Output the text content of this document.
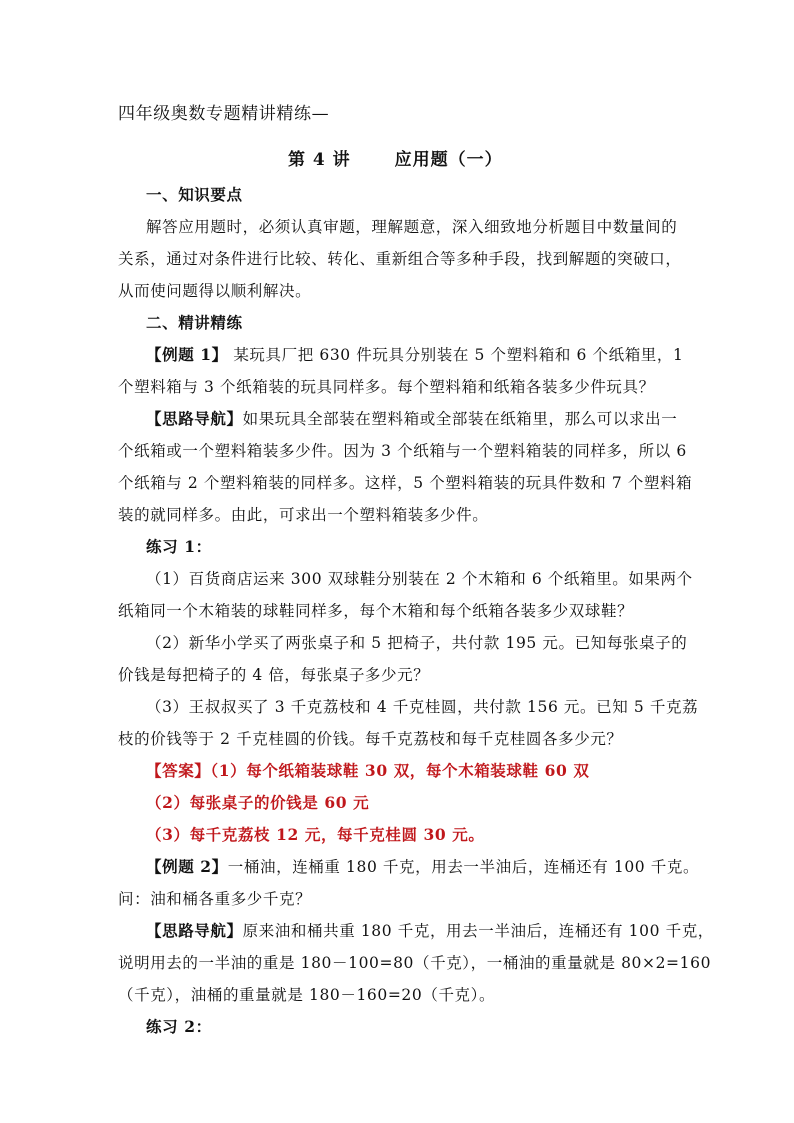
四年级奥数专题精讲精练—
第 4 讲	应用题（一）
一、知识要点
解答应用题时，必须认真审题，理解题意，深入细致地分析题目中数量间的
关系，通过对条件进行比较、转化、重新组合等多种手段，找到解题的突破口，
从而使问题得以顺利解决。
二、精讲精练
【例题 1】 某玩具厂把 630 件玩具分别装在 5 个塑料箱和 6 个纸箱里，1
个塑料箱与 3 个纸箱装的玩具同样多。每个塑料箱和纸箱各装多少件玩具？
【思路导航】如果玩具全部装在塑料箱或全部装在纸箱里，那么可以求出一
个纸箱或一个塑料箱装多少件。因为 3 个纸箱与一个塑料箱装的同样多，所以 6
个纸箱与 2 个塑料箱装的同样多。这样，5 个塑料箱装的玩具件数和 7 个塑料箱
装的就同样多。由此，可求出一个塑料箱装多少件。
练习 1：
（1）百货商店运来 300 双球鞋分别装在 2 个木箱和 6 个纸箱里。如果两个
纸箱同一个木箱装的球鞋同样多，每个木箱和每个纸箱各装多少双球鞋？
（2）新华小学买了两张桌子和 5 把椅子，共付款 195 元。已知每张桌子的
价钱是每把椅子的 4 倍，每张桌子多少元？
（3）王叔叔买了 3 千克荔枝和 4 千克桂圆，共付款 156 元。已知 5 千克荔
枝的价钱等于 2 千克桂圆的价钱。每千克荔枝和每千克桂圆各多少元？
【答案】（1）每个纸箱装球鞋 30 双，每个木箱装球鞋 60 双
（2）每张桌子的价钱是 60 元
（3）每千克荔枝 12 元，每千克桂圆 30 元。
【例题 2】一桶油，连桶重 180 千克，用去一半油后，连桶还有 100 千克。
问：油和桶各重多少千克？
【思路导航】原来油和桶共重 180 千克，用去一半油后，连桶还有 100 千克，
说明用去的一半油的重是 180－100=80（千克），一桶油的重量就是 80×2=160
（千克），油桶的重量就是 180－160=20（千克）。
练习 2：
